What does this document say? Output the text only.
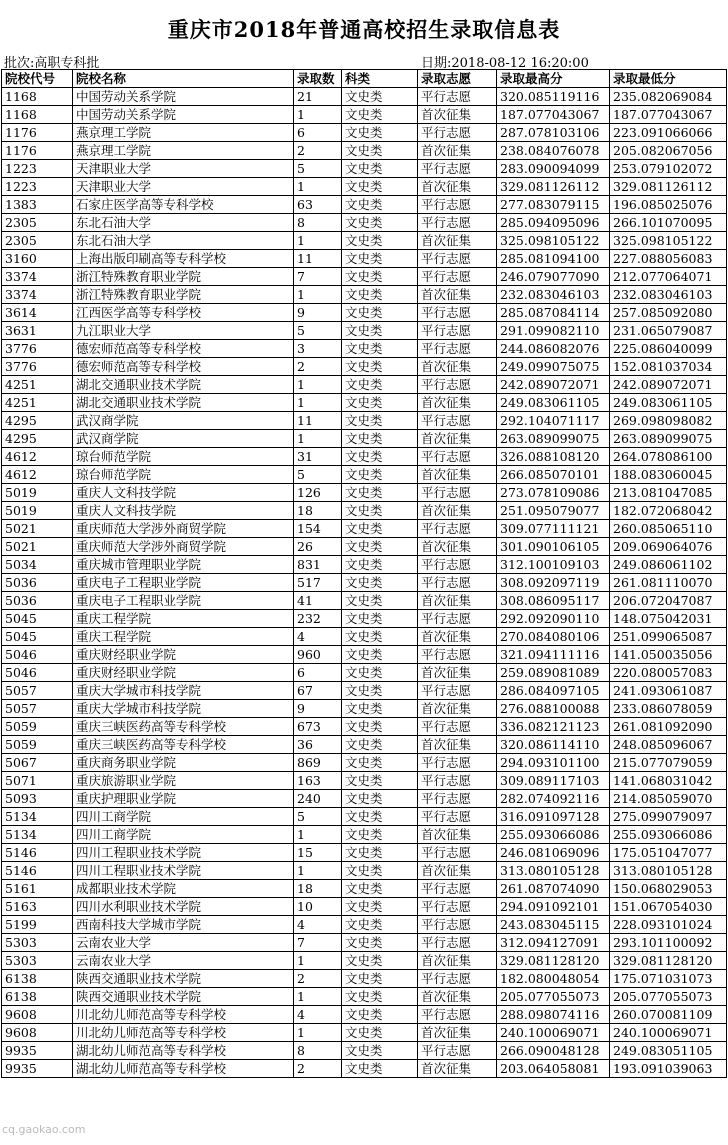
重庆市2018年普通高校招生录取信息表
批次:高职专科批	日期:2018-08-12 16:20:00
院校代号	院校名称	录取数	科类	录取志愿	录取最高分	录取最低分
1168	中国劳动关系学院	21	文史类	平行志愿	320.085119116	235.082069084
1168	中国劳动关系学院	1	文史类	首次征集	187.077043067	187.077043067
1176	燕京理工学院	6	文史类	平行志愿	287.078103106	223.091066066
1176	燕京理工学院	2	文史类	首次征集	238.084076078	205.082067056
1223	天津职业大学	5	文史类	平行志愿	283.090094099	253.079102072
1223	天津职业大学	1	文史类	首次征集	329.081126112	329.081126112
1383	石家庄医学高等专科学校	63	文史类	平行志愿	277.083079115	196.085025076
2305	东北石油大学	8	文史类	平行志愿	285.094095096	266.101070095
2305	东北石油大学	1	文史类	首次征集	325.098105122	325.098105122
3160	上海出版印刷高等专科学校	11	文史类	平行志愿	285.081094100	227.088056083
3374	浙江特殊教育职业学院	7	文史类	平行志愿	246.079077090	212.077064071
3374	浙江特殊教育职业学院	1	文史类	首次征集	232.083046103	232.083046103
3614	江西医学高等专科学校	9	文史类	平行志愿	285.087084114	257.085092080
3631	九江职业大学	5	文史类	平行志愿	291.099082110	231.065079087
3776	德宏师范高等专科学校	3	文史类	平行志愿	244.086082076	225.086040099
3776	德宏师范高等专科学校	2	文史类	首次征集	249.099075075	152.081037034
4251	湖北交通职业技术学院	1	文史类	平行志愿	242.089072071	242.089072071
4251	湖北交通职业技术学院	1	文史类	首次征集	249.083061105	249.083061105
4295	武汉商学院	11	文史类	平行志愿	292.104071117	269.098098082
4295	武汉商学院	1	文史类	首次征集	263.089099075	263.089099075
4612	琼台师范学院	31	文史类	平行志愿	326.088108120	264.078086100
4612	琼台师范学院	5	文史类	首次征集	266.085070101	188.083060045
5019	重庆人文科技学院	126	文史类	平行志愿	273.078109086	213.081047085
5019	重庆人文科技学院	18	文史类	首次征集	251.095079077	182.072068042
5021	重庆师范大学涉外商贸学院	154	文史类	平行志愿	309.077111121	260.085065110
5021	重庆师范大学涉外商贸学院	26	文史类	首次征集	301.090106105	209.069064076
5034	重庆城市管理职业学院	831	文史类	平行志愿	312.100109103	249.086061102
5036	重庆电子工程职业学院	517	文史类	平行志愿	308.092097119	261.081110070
5036	重庆电子工程职业学院	41	文史类	首次征集	308.086095117	206.072047087
5045	重庆工程学院	232	文史类	平行志愿	292.092090110	148.075042031
5045	重庆工程学院	4	文史类	首次征集	270.084080106	251.099065087
5046	重庆财经职业学院	960	文史类	平行志愿	321.094111116	141.050035056
5046	重庆财经职业学院	6	文史类	首次征集	259.089081089	220.080057083
5057	重庆大学城市科技学院	67	文史类	平行志愿	286.084097105	241.093061087
5057	重庆大学城市科技学院	9	文史类	首次征集	276.088100088	233.086078059
5059	重庆三峡医药高等专科学校	673	文史类	平行志愿	336.082121123	261.081092090
5059	重庆三峡医药高等专科学校	36	文史类	首次征集	320.086114110	248.085096067
5067	重庆商务职业学院	869	文史类	平行志愿	294.093101100	215.077079059
5071	重庆旅游职业学院	163	文史类	平行志愿	309.089117103	141.068031042
5093	重庆护理职业学院	240	文史类	平行志愿	282.074092116	214.085059070
5134	四川工商学院	5	文史类	平行志愿	316.091097128	275.099079097
5134	四川工商学院	1	文史类	首次征集	255.093066086	255.093066086
5146	四川工程职业技术学院	15	文史类	平行志愿	246.081069096	175.051047077
5146	四川工程职业技术学院	1	文史类	首次征集	313.080105128	313.080105128
5161	成都职业技术学院	18	文史类	平行志愿	261.087074090	150.068029053
5163	四川水利职业技术学院	10	文史类	平行志愿	294.091092101	151.067054030
5199	西南科技大学城市学院	4	文史类	平行志愿	243.083045115	228.093101024
5303	云南农业大学	7	文史类	平行志愿	312.094127091	293.101100092
5303	云南农业大学	1	文史类	首次征集	329.081128120	329.081128120
6138	陕西交通职业技术学院	2	文史类	平行志愿	182.080048054	175.071031073
6138	陕西交通职业技术学院	1	文史类	首次征集	205.077055073	205.077055073
9608	川北幼儿师范高等专科学校	4	文史类	平行志愿	288.098074116	260.070081109
9608	川北幼儿师范高等专科学校	1	文史类	首次征集	240.100069071	240.100069071
9935	湖北幼儿师范高等专科学校	8	文史类	平行志愿	266.090048128	249.083051105
9935	湖北幼儿师范高等专科学校	2	文史类	首次征集	203.064058081	193.091039063
cq.gaokao.com
